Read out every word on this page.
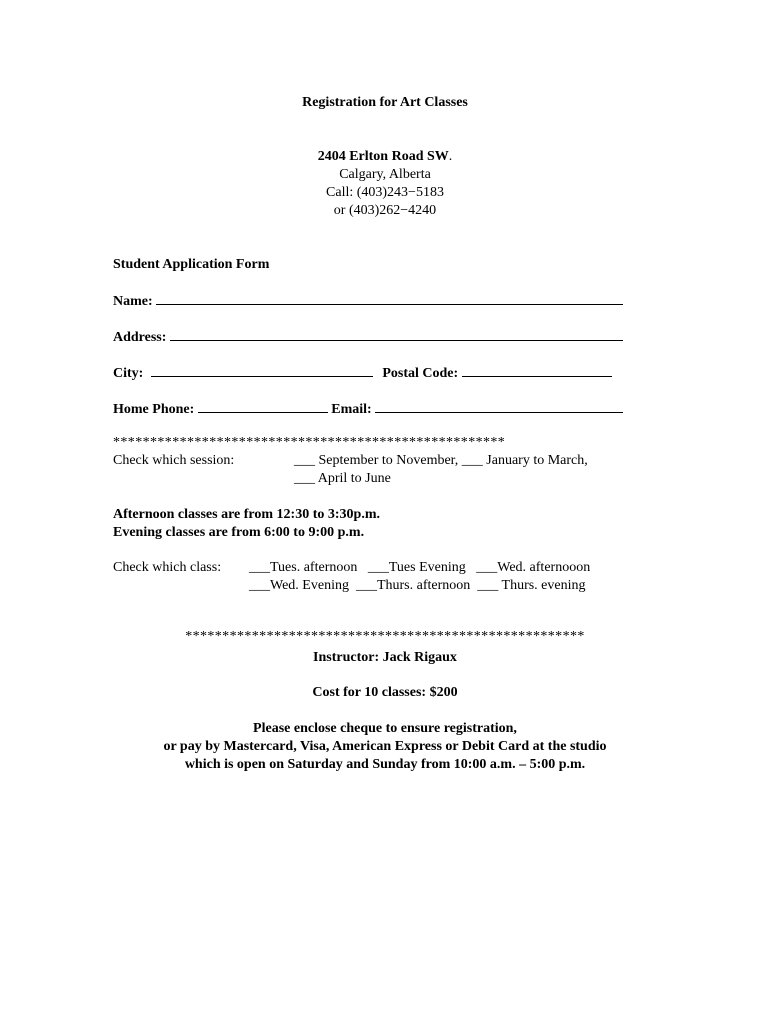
Registration for Art Classes
2404 Erlton Road SW.
Calgary, Alberta
Call: (403)243−5183
or (403)262−4240
Student Application Form
Name:
Address:
City:	Postal Code:
Home Phone:	Email:
*****************************************************
Check which session:	___ September to November, ___ January to March,
___ April to June
Afternoon classes are from 12:30 to 3:30p.m.
Evening classes are from 6:00 to 9:00 p.m.
Check which class: ___Tues. afternoon   ___Tues Evening   ___Wed. afternooon
___Wed. Evening  ___Thurs. afternoon  ___ Thurs. evening
******************************************************
Instructor: Jack Rigaux
Cost for 10 classes: $200
Please enclose cheque to ensure registration,
or pay by Mastercard, Visa, American Express or Debit Card at the studio
which is open on Saturday and Sunday from 10:00 a.m. – 5:00 p.m.
